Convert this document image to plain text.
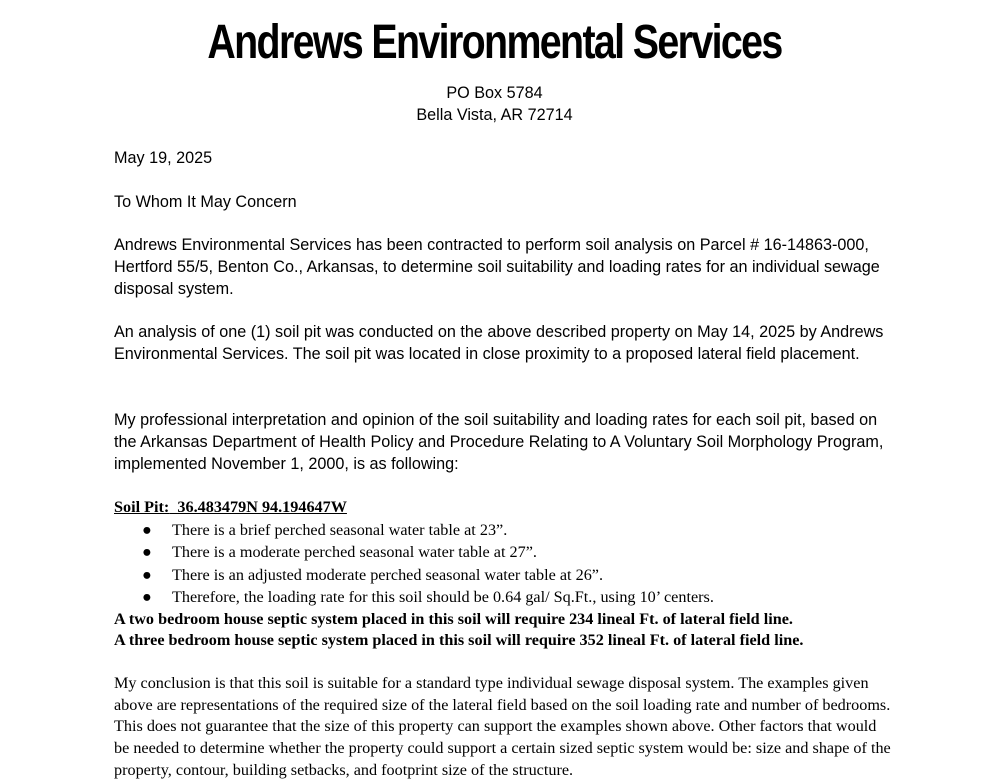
Andrews Environmental Services
PO Box 5784
Bella Vista, AR 72714
May 19, 2025
To Whom It May Concern

Andrews Environmental Services has been contracted to perform soil analysis on Parcel # 16-14863-000, Hertford 55/5, Benton Co., Arkansas, to determine soil suitability and loading rates for an individual sewage disposal system.

An analysis of one (1) soil pit was conducted on the above described property on May 14, 2025 by Andrews Environmental Services. The soil pit was located in close proximity to a proposed lateral field placement.

My professional interpretation and opinion of the soil suitability and loading rates for each soil pit, based on the Arkansas Department of Health Policy and Procedure Relating to A Voluntary Soil Morphology Program, implemented November 1, 2000, is as following:

Soil Pit:  36.483479N 94.194647W

● There is a brief perched seasonal water table at 23”.
● There is a moderate perched seasonal water table at 27”.
● There is an adjusted moderate perched seasonal water table at 26”.
● Therefore, the loading rate for this soil should be 0.64 gal/ Sq.Ft., using 10’ centers.

A two bedroom house septic system placed in this soil will require 234 lineal Ft. of lateral field line.

A three bedroom house septic system placed in this soil will require 352 lineal Ft. of lateral field line.

My conclusion is that this soil is suitable for a standard type individual sewage disposal system. The examples given above are representations of the required size of the lateral field based on the soil loading rate and number of bedrooms. This does not guarantee that the size of this property can support the examples shown above. Other factors that would be needed to determine whether the property could support a certain sized septic system would be: size and shape of the property, contour, building setbacks, and footprint size of the structure.
